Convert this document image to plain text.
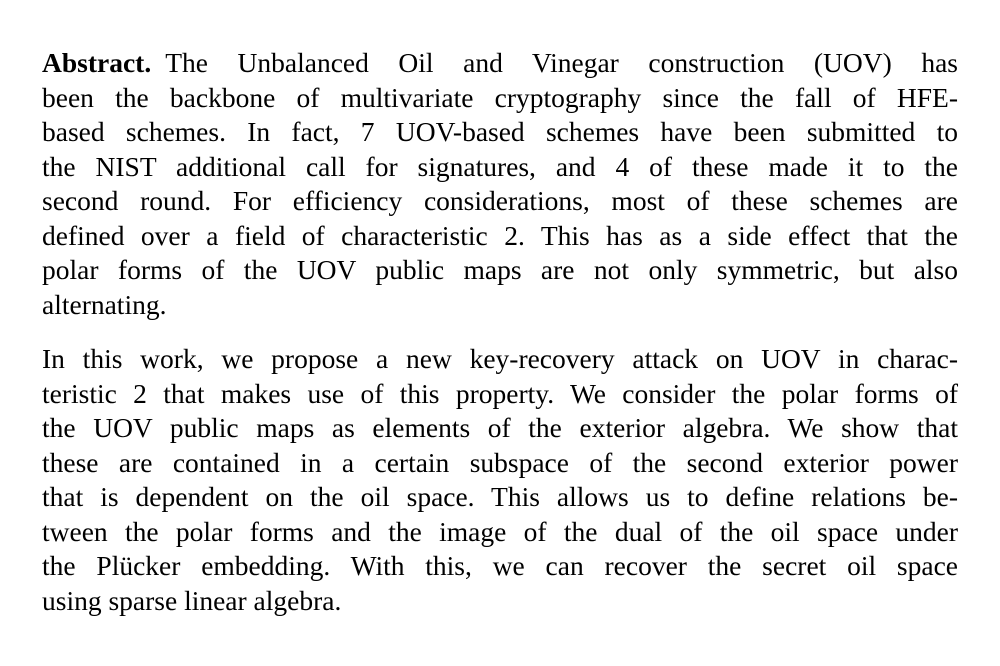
Abstract. The Unbalanced Oil and Vinegar construction (UOV) has
been the backbone of multivariate cryptography since the fall of HFE-
based schemes. In fact, 7 UOV-based schemes have been submitted to
the NIST additional call for signatures, and 4 of these made it to the
second round. For efficiency considerations, most of these schemes are
defined over a field of characteristic 2. This has as a side effect that the
polar forms of the UOV public maps are not only symmetric, but also
alternating.
In this work, we propose a new key-recovery attack on UOV in charac-
teristic 2 that makes use of this property. We consider the polar forms of
the UOV public maps as elements of the exterior algebra. We show that
these are contained in a certain subspace of the second exterior power
that is dependent on the oil space. This allows us to define relations be-
tween the polar forms and the image of the dual of the oil space under
the Plücker embedding. With this, we can recover the secret oil space
using sparse linear algebra.
